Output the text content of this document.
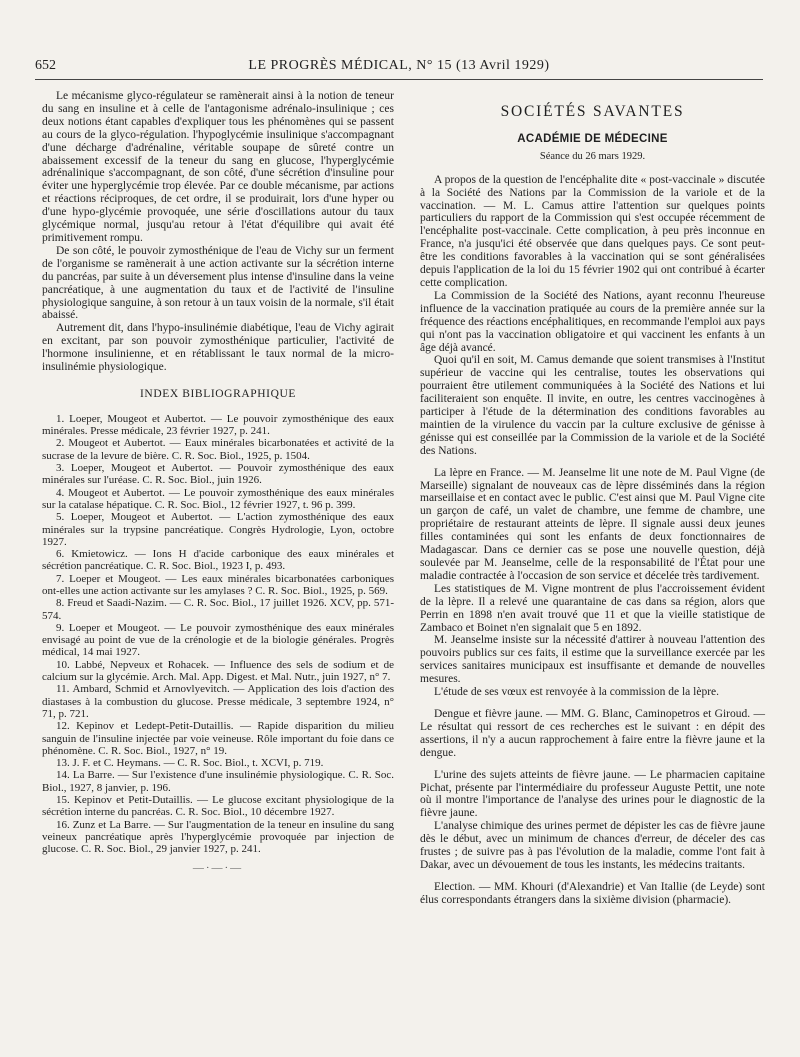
652	LE PROGRÈS MÉDICAL, N° 15 (13 Avril 1929)

Le mécanisme glyco-régulateur se ramènerait ainsi à la notion de teneur du sang en insuline et à celle de l'antagonisme adrénalo-insulinique ; ces deux notions étant capables d'expliquer tous les phénomènes qui se passent au cours de la glyco-régulation. l'hypoglycémie insulinique s'accompagnant d'une décharge d'adrénaline, véritable soupape de sûreté contre un abaissement excessif de la teneur du sang en glucose, l'hyperglycémie adrénalinique s'accompagnant, de son côté, d'une sécrétion d'insuline pour éviter une hyperglycémie trop élevée. Par ce double mécanisme, par actions et réactions réciproques, de cet ordre, il se produirait, lors d'une hyper ou d'une hypo-glycémie provoquée, une série d'oscillations autour du taux glycémique normal, jusqu'au retour à l'état d'équilibre qui avait été primitivement rompu.

De son côté, le pouvoir zymosthénique de l'eau de Vichy sur un ferment de l'organisme se ramènerait à une action activante sur la sécrétion interne du pancréas, par suite à un déversement plus intense d'insuline dans la veine pancréatique, à une augmentation du taux et de l'activité de l'insuline physiologique sanguine, à son retour à un taux voisin de la normale, s'il était abaissé.

Autrement dit, dans l'hypo-insulinémie diabétique, l'eau de Vichy agirait en excitant, par son pouvoir zymosthénique particulier, l'activité de l'hormone insulinienne, et en rétablissant le taux normal de la micro-insulinémie physiologique.

INDEX BIBLIOGRAPHIQUE

1. Loeper, Mougeot et Aubertot. — Le pouvoir zymosthénique des eaux minérales. Presse médicale, 23 février 1927, p. 241.

2. Mougeot et Aubertot. — Eaux minérales bicarbonatées et activité de la sucrase de la levure de bière. C. R. Soc. Biol., 1925, p. 1504.

3. Loeper, Mougeot et Aubertot. — Pouvoir zymosthénique des eaux minérales sur l'uréase. C. R. Soc. Biol., juin 1926.

4. Mougeot et Aubertot. — Le pouvoir zymosthénique des eaux minérales sur la catalase hépatique. C. R. Soc. Biol., 12 février 1927, t. 96 p. 399.

5. Loeper, Mougeot et Aubertot. — L'action zymosthénique des eaux minérales sur la trypsine pancréatique. Congrès Hydrologie, Lyon, octobre 1927.

6. Kmietowicz. — Ions H d'acide carbonique des eaux minérales et sécrétion pancréatique. C. R. Soc. Biol., 1923 I, p. 493.

7. Loeper et Mougeot. — Les eaux minérales bicarbonatées carboniques ont-elles une action activante sur les amylases ? C. R. Soc. Biol., 1925, p. 569.

8. Freud et Saadi-Nazim. — C. R. Soc. Biol., 17 juillet 1926. XCV, pp. 571-574.

9. Loeper et Mougeot. — Le pouvoir zymosthénique des eaux minérales envisagé au point de vue de la crénologie et de la biologie générales. Progrès médical, 14 mai 1927.

10. Labbé, Nepveux et Rohacek. — Influence des sels de sodium et de calcium sur la glycémie. Arch. Mal. App. Digest. et Mal. Nutr., juin 1927, n° 7.

11. Ambard, Schmid et Arnovlyevitch. — Application des lois d'action des diastases à la combustion du glucose. Presse médicale, 3 septembre 1924, n° 71, p. 721.

12. Kepinov et Ledept-Petit-Dutaillis. — Rapide disparition du milieu sanguin de l'insuline injectée par voie veineuse. Rôle important du foie dans ce phénomène. C. R. Soc. Biol., 1927, n° 19.

13. J. F. et C. Heymans. — C. R. Soc. Biol., t. XCVI, p. 719.

14. La Barre. — Sur l'existence d'une insulinémie physiologique. C. R. Soc. Biol., 1927, 8 janvier, p. 196.

15. Kepinov et Petit-Dutaillis. — Le glucose excitant physiologique de la sécrétion interne du pancréas. C. R. Soc. Biol., 10 décembre 1927.

16. Zunz et La Barre. — Sur l'augmentation de la teneur en insuline du sang veineux pancréatique après l'hyperglycémie provoquée par injection de glucose. C. R. Soc. Biol., 29 janvier 1927, p. 241.

—·—·—
SOCIÉTÉS SAVANTES
ACADÉMIE DE MÉDECINE
Séance du 26 mars 1929.

A propos de la question de l'encéphalite dite « post-vaccinale » discutée à la Société des Nations par la Commission de la variole et de la vaccination. — M. L. Camus attire l'attention sur quelques points particuliers du rapport de la Commission qui s'est occupée récemment de l'encéphalite post-vaccinale. Cette complication, à peu près inconnue en France, n'a jusqu'ici été observée que dans quelques pays. Ce sont peut-être les conditions favorables à la vaccination qui se sont généralisées depuis l'application de la loi du 15 février 1902 qui ont contribué à écarter cette complication.

La Commission de la Société des Nations, ayant reconnu l'heureuse influence de la vaccination pratiquée au cours de la première année sur la fréquence des réactions encéphalitiques, en recommande l'emploi aux pays qui n'ont pas la vaccination obligatoire et qui vaccinent les enfants à un âge déjà avancé.

Quoi qu'il en soit, M. Camus demande que soient transmises à l'Institut supérieur de vaccine qui les centralise, toutes les observations qui pourraient être utilement communiquées à la Société des Nations et lui faciliteraient son enquête. Il invite, en outre, les centres vaccinogènes à participer à l'étude de la détermination des conditions favorables au maintien de la virulence du vaccin par la culture exclusive de génisse à génisse qui est conseillée par la Commission de la variole et de la Société des Nations.

La lèpre en France. — M. Jeanselme lit une note de M. Paul Vigne (de Marseille) signalant de nouveaux cas de lèpre disséminés dans la région marseillaise et en contact avec le public. C'est ainsi que M. Paul Vigne cite un garçon de café, un valet de chambre, une femme de chambre, une propriétaire de restaurant atteints de lèpre. Il signale aussi deux jeunes filles contaminées qui sont les enfants de deux fonctionnaires de Madagascar. Dans ce dernier cas se pose une nouvelle question, déjà soulevée par M. Jeanselme, celle de la responsabilité de l'État pour une maladie contractée à l'occasion de son service et décelée très tardivement.

Les statistiques de M. Vigne montrent de plus l'accroissement évident de la lèpre. Il a relevé une quarantaine de cas dans sa région, alors que Perrin en 1898 n'en avait trouvé que 11 et que la vieille statistique de Zambaco et Boinet n'en signalait que 5 en 1892.

M. Jeanselme insiste sur la nécessité d'attirer à nouveau l'attention des pouvoirs publics sur ces faits, il estime que la surveillance exercée par les services sanitaires municipaux est insuffisante et demande de nouvelles mesures.

L'étude de ses vœux est renvoyée à la commission de la lèpre.

Dengue et fièvre jaune. — MM. G. Blanc, Caminopetros et Giroud. — Le résultat qui ressort de ces recherches est le suivant : en dépit des assertions, il n'y a aucun rapprochement à faire entre la fièvre jaune et la dengue.

L'urine des sujets atteints de fièvre jaune. — Le pharmacien capitaine Pichat, présente par l'intermédiaire du professeur Auguste Pettit, une note où il montre l'importance de l'analyse des urines pour le diagnostic de la fièvre jaune.

L'analyse chimique des urines permet de dépister les cas de fièvre jaune dès le début, avec un minimum de chances d'erreur, de déceler des cas frustes ; de suivre pas à pas l'évolution de la maladie, comme l'ont fait à Dakar, avec un dévouement de tous les instants, les médecins traitants.

Election. — MM. Khouri (d'Alexandrie) et Van Itallie (de Leyde) sont élus correspondants étrangers dans la sixième division (pharmacie).
